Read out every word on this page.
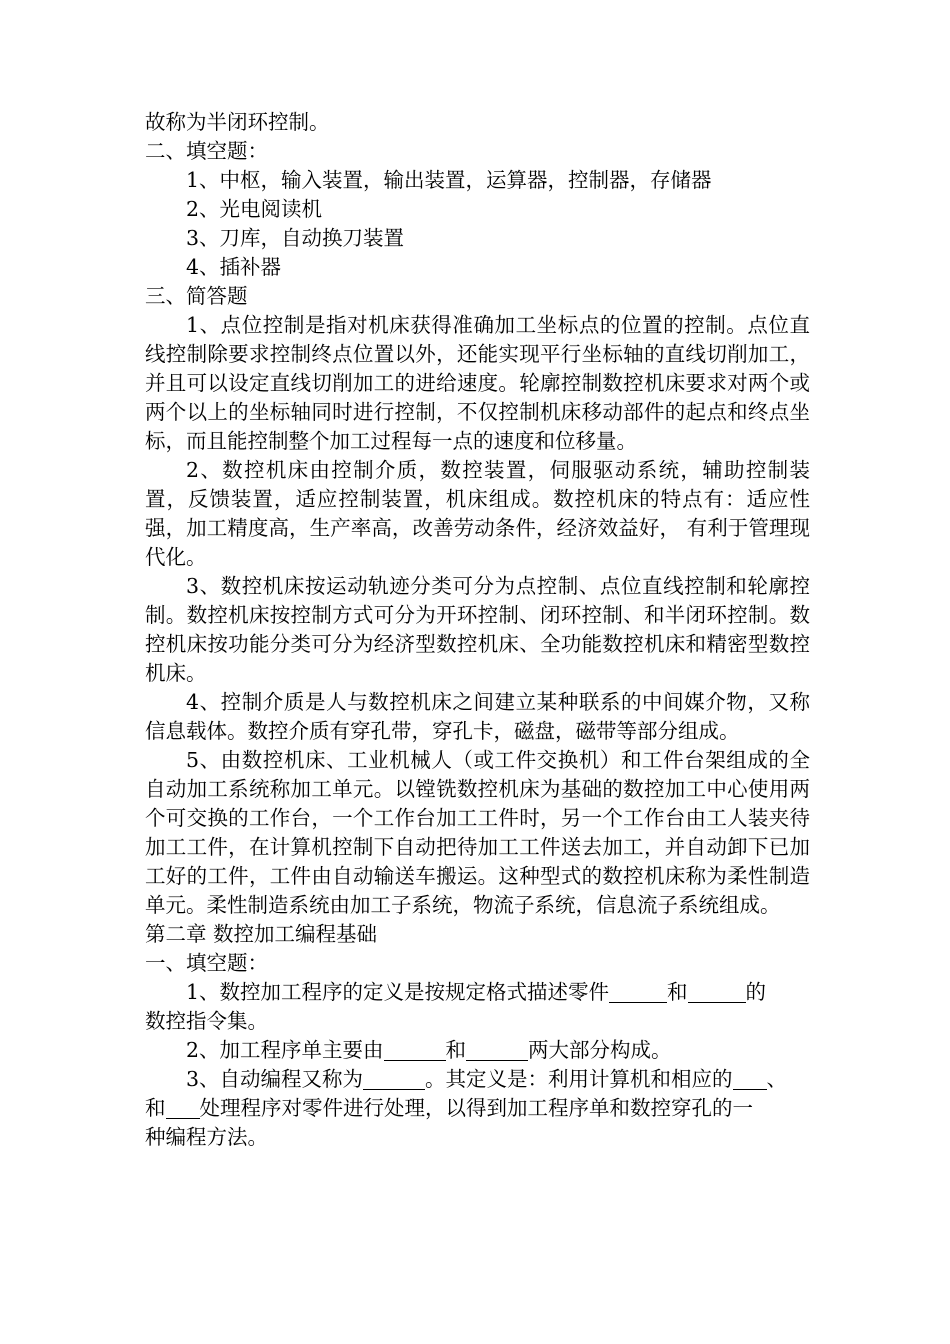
故称为半闭环控制。
二、填空题：
1、中枢，输入装置，输出装置，运算器，控制器，存储器
2、光电阅读机
3、刀库，自动换刀装置
4、插补器
三、简答题
1、点位控制是指对机床获得准确加工坐标点的位置的控制。点位直线控制除要求控制终点位置以外，还能实现平行坐标轴的直线切削加工，并且可以设定直线切削加工的进给速度。轮廓控制数控机床要求对两个或两个以上的坐标轴同时进行控制，不仅控制机床移动部件的起点和终点坐标，而且能控制整个加工过程每一点的速度和位移量。
2、数控机床由控制介质，数控装置，伺服驱动系统，辅助控制装置，反馈装置，适应控制装置，机床组成。数控机床的特点有：适应性强，加工精度高，生产率高，改善劳动条件，经济效益好， 有利于管理现代化。
3、数控机床按运动轨迹分类可分为点控制、点位直线控制和轮廓控制。数控机床按控制方式可分为开环控制、闭环控制、和半闭环控制。数控机床按功能分类可分为经济型数控机床、全功能数控机床和精密型数控机床。
4、控制介质是人与数控机床之间建立某种联系的中间媒介物，又称信息载体。数控介质有穿孔带，穿孔卡，磁盘，磁带等部分组成。
5、由数控机床、工业机械人（或工件交换机）和工件台架组成的全自动加工系统称加工单元。以镗铣数控机床为基础的数控加工中心使用两个可交换的工作台，一个工作台加工工件时，另一个工作台由工人装夹待加工工件，在计算机控制下自动把待加工工件送去加工，并自动卸下已加工好的工件，工件由自动输送车搬运。这种型式的数控机床称为柔性制造单元。柔性制造系统由加工子系统，物流子系统，信息流子系统组成。
第二章 数控加工编程基础
一、填空题：
1、数控加工程序的定义是按规定格式描述零件	和	的
数控指令集。
2、加工程序单主要由	和	两大部分构成。
3、自动编程又称为	。其定义是：利用计算机和相应的 、
和 处理程序对零件进行处理，以得到加工程序单和数控穿孔的一
种编程方法。
